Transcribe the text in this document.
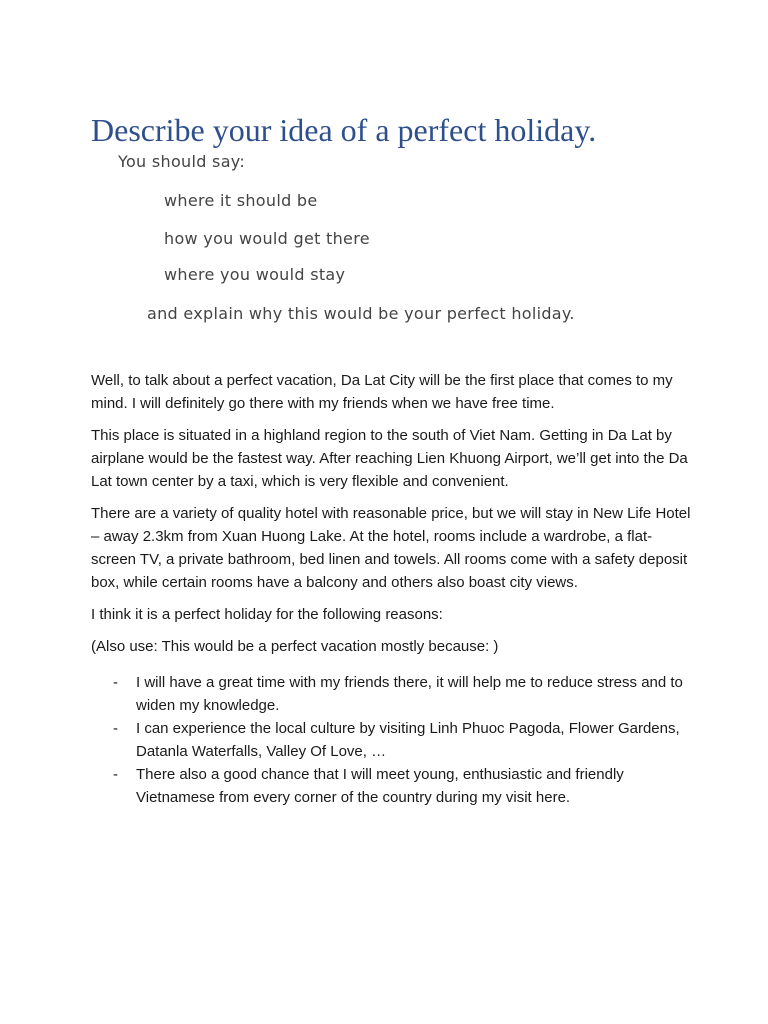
Describe your idea of a perfect holiday.

You should say:

where it should be

how you would get there

where you would stay

and explain why this would be your perfect holiday.

Well, to talk about a perfect vacation, Da Lat City will be the first place that comes to my mind. I will definitely go there with my friends when we have free time.

This place is situated in a highland region to the south of Viet Nam. Getting in Da Lat by airplane would be the fastest way. After reaching Lien Khuong Airport, we’ll get into the Da Lat town center by a taxi, which is very flexible and convenient.

There are a variety of quality hotel with reasonable price, but we will stay in New Life Hotel – away 2.3km from Xuan Huong Lake. At the hotel, rooms include a wardrobe, a flat-screen TV, a private bathroom, bed linen and towels. All rooms come with a safety deposit box, while certain rooms have a balcony and others also boast city views.

I think it is a perfect holiday for the following reasons:

(Also use: This would be a perfect vacation mostly because: )

- I will have a great time with my friends there, it will help me to reduce stress and to widen my knowledge.
- I can experience the local culture by visiting Linh Phuoc Pagoda, Flower Gardens, Datanla Waterfalls, Valley Of Love, …
- There also a good chance that I will meet young, enthusiastic and friendly Vietnamese from every corner of the country during my visit here.
